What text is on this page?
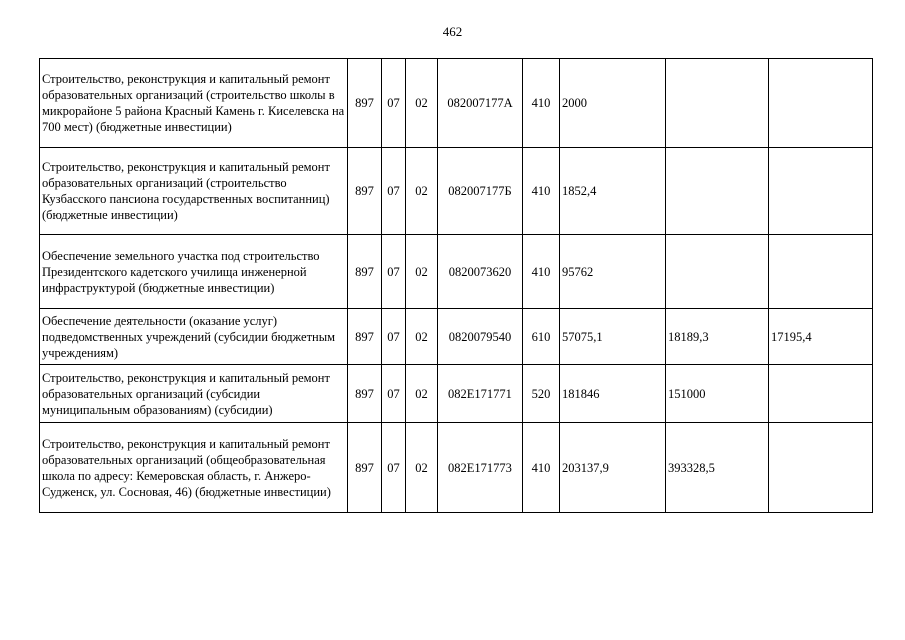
462
Строительство, реконструкция и капитальный ремонт образовательных организаций (строительство школы в микрорайоне 5 района Красный Камень г. Киселевска на 700 мест) (бюджетные инвестиции)	897	07	02	082007177А	410	2000		
Строительство, реконструкция и капитальный ремонт образовательных организаций (строительство Кузбасского пансиона государственных воспитанниц) (бюджетные инвестиции)	897	07	02	082007177Б	410	1852,4		
Обеспечение земельного участка под строительство Президентского кадетского училища инженерной инфраструктурой (бюджетные инвестиции)	897	07	02	0820073620	410	95762		
Обеспечение деятельности (оказание услуг) подведомственных учреждений (субсидии бюджетным учреждениям)	897	07	02	0820079540	610	57075,1	18189,3	17195,4
Строительство, реконструкция и капитальный ремонт образовательных организаций (субсидии муниципальным образованиям) (субсидии)	897	07	02	082E171771	520	181846	151000	
Строительство, реконструкция и капитальный ремонт образовательных организаций (общеобразовательная школа по адресу: Кемеровская область, г. Анжеро-Судженск, ул. Сосновая, 46) (бюджетные инвестиции)	897	07	02	082E171773	410	203137,9	393328,5	
